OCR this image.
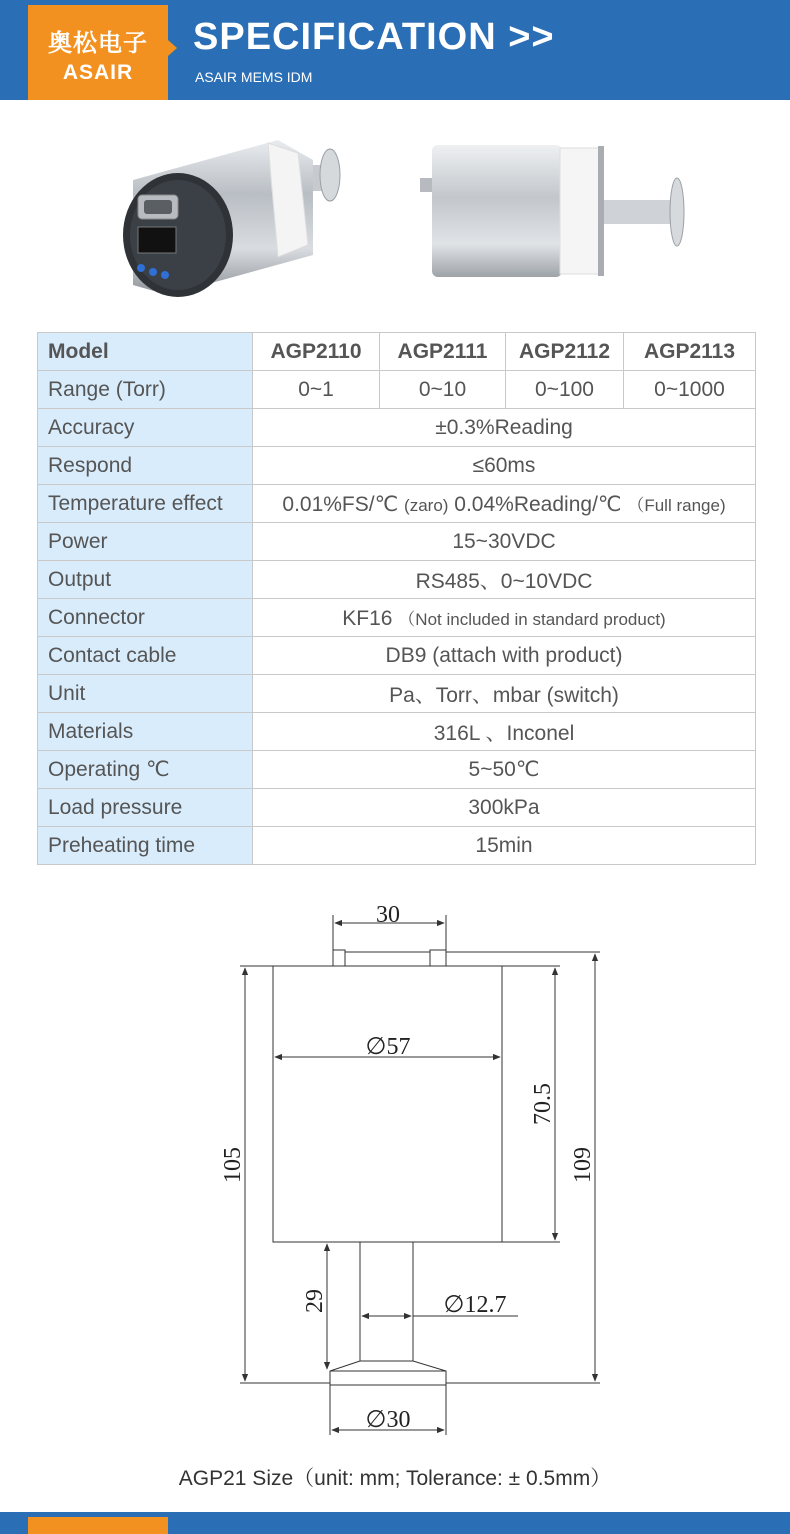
奥松电子
ASAIR
SPECIFICATION >>
ASAIR MEMS IDM
Model	AGP2110	AGP2111	AGP2112	AGP2113
Range (Torr)	0~1	0~10	0~100	0~1000
Accuracy	±0.3%Reading			
Respond	≤60ms			
Temperature effect	0.01%FS/℃ (zaro) 0.04%Reading/℃ （Full range)			
Power	15~30VDC			
Output	RS485、0~10VDC			
Connector	KF16 （Not included in standard product)			
Contact cable	DB9 (attach with product)			
Unit	Pa、Torr、mbar (switch)			
Materials	316L 、Inconel			
Operating ℃	5~50℃			
Load pressure	300kPa			
Preheating time	15min			
30
∅57
105
70.5
109
29	∅12.7
∅30
AGP21 Size（unit: mm; Tolerance: ± 0.5mm）
